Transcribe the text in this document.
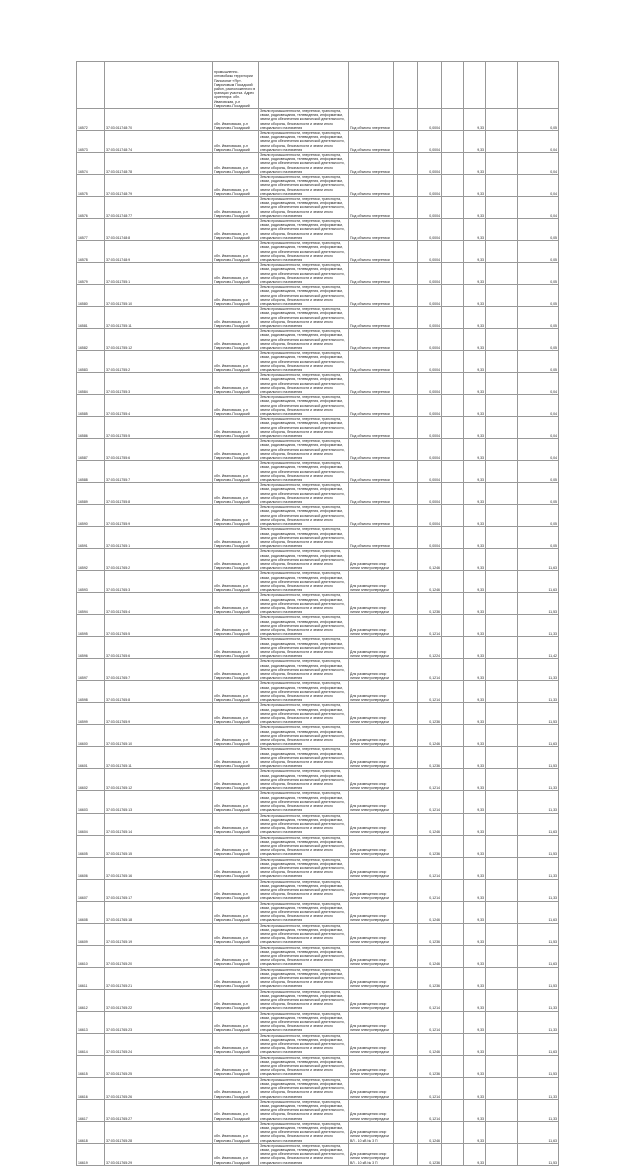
		промышленно-оптовобазы территории Пансионат «Яр». Гавриловым Посадский район, расположенного в границах участка. Адрес ориентира: обл. Ивановская, р-н Гаврилово-Посадский								
16572	37:03:011748:70	обл. Ивановская, р-н Гаврилово-Посадский	Земли промышленности, энергетики, транспорта, связи, радиовещания, телевидения, информатики, земли для обеспечения космической деятельности, земли обороны, безопасности и земли иного специального назначения	Под объекты энергетики		0,0004		9,33		0,05
16573	37:03:011748:74	обл. Ивановская, р-н Гаврилово-Посадский	Земли промышленности, энергетики, транспорта, связи, радиовещания, телевидения, информатики, земли для обеспечения космической деятельности, земли обороны, безопасности и земли иного специального назначения	Под объекты энергетики		0,0004		9,33		0,04
16574	37:03:011748:78	обл. Ивановская, р-н Гаврилово-Посадский	Земли промышленности, энергетики, транспорта, связи, радиовещания, телевидения, информатики, земли для обеспечения космической деятельности, земли обороны, безопасности и земли иного специального назначения	Под объекты энергетики		0,0004		9,33		0,04
16575	37:03:011748:79	обл. Ивановская, р-н Гаврилово-Посадский	Земли промышленности, энергетики, транспорта, связи, радиовещания, телевидения, информатики, земли для обеспечения космической деятельности, земли обороны, безопасности и земли иного специального назначения	Под объекты энергетики		0,0004		9,33		0,04
16576	37:03:011748:77	обл. Ивановская, р-н Гаврилово-Посадский	Земли промышленности, энергетики, транспорта, связи, радиовещания, телевидения, информатики, земли для обеспечения космической деятельности, земли обороны, безопасности и земли иного специального назначения	Под объекты энергетики		0,0004		9,33		0,04
16577	37:03:011748:8	обл. Ивановская, р-н Гаврилово-Посадский	Земли промышленности, энергетики, транспорта, связи, радиовещания, телевидения, информатики, земли для обеспечения космической деятельности, земли обороны, безопасности и земли иного специального назначения	Под объекты энергетики		0,0004		9,33		0,05
16578	37:03:011748:9	обл. Ивановская, р-н Гаврилово-Посадский	Земли промышленности, энергетики, транспорта, связи, радиовещания, телевидения, информатики, земли для обеспечения космической деятельности, земли обороны, безопасности и земли иного специального назначения	Под объекты энергетики		0,0004		9,33		0,05
16579	37:03:011755:1	обл. Ивановская, р-н Гаврилово-Посадский	Земли промышленности, энергетики, транспорта, связи, радиовещания, телевидения, информатики, земли для обеспечения космической деятельности, земли обороны, безопасности и земли иного специального назначения	Под объекты энергетики		0,0004		9,33		0,05
16580	37:03:011755:10	обл. Ивановская, р-н Гаврилово-Посадский	Земли промышленности, энергетики, транспорта, связи, радиовещания, телевидения, информатики, земли для обеспечения космической деятельности, земли обороны, безопасности и земли иного специального назначения	Под объекты энергетики		0,0004		9,33		0,05
16581	37:03:011755:11	обл. Ивановская, р-н Гаврилово-Посадский	Земли промышленности, энергетики, транспорта, связи, радиовещания, телевидения, информатики, земли для обеспечения космической деятельности, земли обороны, безопасности и земли иного специального назначения	Под объекты энергетики		0,0004		9,33		0,05
16582	37:03:011755:12	обл. Ивановская, р-н Гаврилово-Посадский	Земли промышленности, энергетики, транспорта, связи, радиовещания, телевидения, информатики, земли для обеспечения космической деятельности, земли обороны, безопасности и земли иного специального назначения	Под объекты энергетики		0,0004		9,33		0,05
16583	37:03:011755:2	обл. Ивановская, р-н Гаврилово-Посадский	Земли промышленности, энергетики, транспорта, связи, радиовещания, телевидения, информатики, земли для обеспечения космической деятельности, земли обороны, безопасности и земли иного специального назначения	Под объекты энергетики		0,0004		9,33		0,05
16584	37:03:011755:3	обл. Ивановская, р-н Гаврилово-Посадский	Земли промышленности, энергетики, транспорта, связи, радиовещания, телевидения, информатики, земли для обеспечения космической деятельности, земли обороны, безопасности и земли иного специального назначения	Под объекты энергетики		0,0004		9,33		0,04
16585	37:03:011755:4	обл. Ивановская, р-н Гаврилово-Посадский	Земли промышленности, энергетики, транспорта, связи, радиовещания, телевидения, информатики, земли для обеспечения космической деятельности, земли обороны, безопасности и земли иного специального назначения	Под объекты энергетики		0,0004		9,33		0,04
16586	37:03:011755:5	обл. Ивановская, р-н Гаврилово-Посадский	Земли промышленности, энергетики, транспорта, связи, радиовещания, телевидения, информатики, земли для обеспечения космической деятельности, земли обороны, безопасности и земли иного специального назначения	Под объекты энергетики		0,0004		9,33		0,04
16587	37:03:011755:6	обл. Ивановская, р-н Гаврилово-Посадский	Земли промышленности, энергетики, транспорта, связи, радиовещания, телевидения, информатики, земли для обеспечения космической деятельности, земли обороны, безопасности и земли иного специального назначения	Под объекты энергетики		0,0004		9,33		0,04
16588	37:03:011755:7	обл. Ивановская, р-н Гаврилово-Посадский	Земли промышленности, энергетики, транспорта, связи, радиовещания, телевидения, информатики, земли для обеспечения космической деятельности, земли обороны, безопасности и земли иного специального назначения	Под объекты энергетики		0,0004		9,33		0,05
16589	37:03:011755:8	обл. Ивановская, р-н Гаврилово-Посадский	Земли промышленности, энергетики, транспорта, связи, радиовещания, телевидения, информатики, земли для обеспечения космической деятельности, земли обороны, безопасности и земли иного специального назначения	Под объекты энергетики		0,0004		9,33		0,05
16590	37:03:011755:9	обл. Ивановская, р-н Гаврилово-Посадский	Земли промышленности, энергетики, транспорта, связи, радиовещания, телевидения, информатики, земли для обеспечения космической деятельности, земли обороны, безопасности и земли иного специального назначения	Под объекты энергетики		0,0004		9,33		0,05
16591	37:03:011765:1	обл. Ивановская, р-н Гаврилово-Посадский	Земли промышленности, энергетики, транспорта, связи, радиовещания, телевидения, информатики, земли для обеспечения космической деятельности, земли обороны, безопасности и земли иного специального назначения	Под объекты энергетики		0,0004		9,33		0,05
16592	37:03:011765:2	обл. Ивановская, р-н Гаврилово-Посадский	Земли промышленности, энергетики, транспорта, связи, радиовещания, телевидения, информатики, земли для обеспечения космической деятельности, земли обороны, безопасности и земли иного специального назначения	Для размещения опор линии электропередачи		0,1246		9,33		11,63
16593	37:03:011765:3	обл. Ивановская, р-н Гаврилово-Посадский	Земли промышленности, энергетики, транспорта, связи, радиовещания, телевидения, информатики, земли для обеспечения космической деятельности, земли обороны, безопасности и земли иного специального назначения	Для размещения опор линии электропередачи		0,1246		9,33		11,63
16594	37:03:011765:4	обл. Ивановская, р-н Гаврилово-Посадский	Земли промышленности, энергетики, транспорта, связи, радиовещания, телевидения, информатики, земли для обеспечения космической деятельности, земли обороны, безопасности и земли иного специального назначения	Для размещения опор линии электропередачи		0,1236		9,33		11,53
16595	37:03:011765:5	обл. Ивановская, р-н Гаврилово-Посадский	Земли промышленности, энергетики, транспорта, связи, радиовещания, телевидения, информатики, земли для обеспечения космической деятельности, земли обороны, безопасности и земли иного специального назначения	Для размещения опор линии электропередачи		0,1214		9,33		11,33
16596	37:03:011765:6	обл. Ивановская, р-н Гаврилово-Посадский	Земли промышленности, энергетики, транспорта, связи, радиовещания, телевидения, информатики, земли для обеспечения космической деятельности, земли обороны, безопасности и земли иного специального назначения	Для размещения опор линии электропередачи		0,1224		9,33		11,42
16597	37:03:011765:7	обл. Ивановская, р-н Гаврилово-Посадский	Земли промышленности, энергетики, транспорта, связи, радиовещания, телевидения, информатики, земли для обеспечения космической деятельности, земли обороны, безопасности и земли иного специального назначения	Для размещения опор линии электропередачи		0,1214		9,33		11,33
16598	37:03:011765:8	обл. Ивановская, р-н Гаврилово-Посадский	Земли промышленности, энергетики, транспорта, связи, радиовещания, телевидения, информатики, земли для обеспечения космической деятельности, земли обороны, безопасности и земли иного специального назначения	Для размещения опор линии электропередачи		0,1214		9,33		11,33
16599	37:03:011765:9	обл. Ивановская, р-н Гаврилово-Посадский	Земли промышленности, энергетики, транспорта, связи, радиовещания, телевидения, информатики, земли для обеспечения космической деятельности, земли обороны, безопасности и земли иного специального назначения	Для размещения опор линии электропередачи		0,1236		9,33		11,53
16600	37:03:011765:10	обл. Ивановская, р-н Гаврилово-Посадский	Земли промышленности, энергетики, транспорта, связи, радиовещания, телевидения, информатики, земли для обеспечения космической деятельности, земли обороны, безопасности и земли иного специального назначения	Для размещения опор линии электропередачи		0,1246		9,33		11,63
16601	37:03:011765:11	обл. Ивановская, р-н Гаврилово-Посадский	Земли промышленности, энергетики, транспорта, связи, радиовещания, телевидения, информатики, земли для обеспечения космической деятельности, земли обороны, безопасности и земли иного специального назначения	Для размещения опор линии электропередачи		0,1236		9,33		11,53
16602	37:03:011765:12	обл. Ивановская, р-н Гаврилово-Посадский	Земли промышленности, энергетики, транспорта, связи, радиовещания, телевидения, информатики, земли для обеспечения космической деятельности, земли обороны, безопасности и земли иного специального назначения	Для размещения опор линии электропередачи		0,1214		9,33		11,33
16603	37:03:011765:13	обл. Ивановская, р-н Гаврилово-Посадский	Земли промышленности, энергетики, транспорта, связи, радиовещания, телевидения, информатики, земли для обеспечения космической деятельности, земли обороны, безопасности и земли иного специального назначения	Для размещения опор линии электропередачи		0,1214		9,33		11,33
16604	37:03:011765:14	обл. Ивановская, р-н Гаврилово-Посадский	Земли промышленности, энергетики, транспорта, связи, радиовещания, телевидения, информатики, земли для обеспечения космической деятельности, земли обороны, безопасности и земли иного специального назначения	Для размещения опор линии электропередачи		0,1246		9,33		11,63
16605	37:03:011765:15	обл. Ивановская, р-н Гаврилово-Посадский	Земли промышленности, энергетики, транспорта, связи, радиовещания, телевидения, информатики, земли для обеспечения космической деятельности, земли обороны, безопасности и земли иного специального назначения	Для размещения опор линии электропередачи		0,1236		9,33		11,53
16606	37:03:011765:16	обл. Ивановская, р-н Гаврилово-Посадский	Земли промышленности, энергетики, транспорта, связи, радиовещания, телевидения, информатики, земли для обеспечения космической деятельности, земли обороны, безопасности и земли иного специального назначения	Для размещения опор линии электропередачи		0,1214		9,33		11,33
16607	37:03:011765:17	обл. Ивановская, р-н Гаврилово-Посадский	Земли промышленности, энергетики, транспорта, связи, радиовещания, телевидения, информатики, земли для обеспечения космической деятельности, земли обороны, безопасности и земли иного специального назначения	Для размещения опор линии электропередачи		0,1214		9,33		11,33
16608	37:03:011765:18	обл. Ивановская, р-н Гаврилово-Посадский	Земли промышленности, энергетики, транспорта, связи, радиовещания, телевидения, информатики, земли для обеспечения космической деятельности, земли обороны, безопасности и земли иного специального назначения	Для размещения опор линии электропередачи		0,1246		9,33		11,63
16609	37:03:011765:19	обл. Ивановская, р-н Гаврилово-Посадский	Земли промышленности, энергетики, транспорта, связи, радиовещания, телевидения, информатики, земли для обеспечения космической деятельности, земли обороны, безопасности и земли иного специального назначения	Для размещения опор линии электропередачи		0,1236		9,33		11,53
16610	37:03:011765:20	обл. Ивановская, р-н Гаврилово-Посадский	Земли промышленности, энергетики, транспорта, связи, радиовещания, телевидения, информатики, земли для обеспечения космической деятельности, земли обороны, безопасности и земли иного специального назначения	Для размещения опор линии электропередачи		0,1246		9,33		11,63
16611	37:03:011765:21	обл. Ивановская, р-н Гаврилово-Посадский	Земли промышленности, энергетики, транспорта, связи, радиовещания, телевидения, информатики, земли для обеспечения космической деятельности, земли обороны, безопасности и земли иного специального назначения	Для размещения опор линии электропередачи		0,1236		9,33		11,53
16612	37:03:011765:22	обл. Ивановская, р-н Гаврилово-Посадский	Земли промышленности, энергетики, транспорта, связи, радиовещания, телевидения, информатики, земли для обеспечения космической деятельности, земли обороны, безопасности и земли иного специального назначения	Для размещения опор линии электропередачи		0,1214		9,33		11,33
16613	37:03:011765:23	обл. Ивановская, р-н Гаврилово-Посадский	Земли промышленности, энергетики, транспорта, связи, радиовещания, телевидения, информатики, земли для обеспечения космической деятельности, земли обороны, безопасности и земли иного специального назначения	Для размещения опор линии электропередачи		0,1214		9,33		11,33
16614	37:03:011765:24	обл. Ивановская, р-н Гаврилово-Посадский	Земли промышленности, энергетики, транспорта, связи, радиовещания, телевидения, информатики, земли для обеспечения космической деятельности, земли обороны, безопасности и земли иного специального назначения	Для размещения опор линии электропередачи		0,1246		9,33		11,63
16615	37:03:011765:25	обл. Ивановская, р-н Гаврилово-Посадский	Земли промышленности, энергетики, транспорта, связи, радиовещания, телевидения, информатики, земли для обеспечения космической деятельности, земли обороны, безопасности и земли иного специального назначения	Для размещения опор линии электропередачи		0,1236		9,33		11,53
16616	37:03:011765:26	обл. Ивановская, р-н Гаврилово-Посадский	Земли промышленности, энергетики, транспорта, связи, радиовещания, телевидения, информатики, земли для обеспечения космической деятельности, земли обороны, безопасности и земли иного специального назначения	Для размещения опор линии электропередачи		0,1214		9,33		11,33
16617	37:03:011765:27	обл. Ивановская, р-н Гаврилово-Посадский	Земли промышленности, энергетики, транспорта, связи, радиовещания, телевидения, информатики, земли для обеспечения космической деятельности, земли обороны, безопасности и земли иного специального назначения	Для размещения опор линии электропередачи		0,1214		9,33		11,33
16618	37:03:011765:28	обл. Ивановская, р-н Гаврилово-Посадский	Земли промышленности, энергетики, транспорта, связи, радиовещания, телевидения, информатики, земли для обеспечения космической деятельности, земли обороны, безопасности и земли иного специального назначения	Для размещения опор линии электропередачи ВЛ - 10 кВ № 3 П		0,1246		9,33		11,63
16619	37:03:011765:29	обл. Ивановская, р-н Гаврилово-Посадский	Земли промышленности, энергетики, транспорта, связи, радиовещания, телевидения, информатики, земли для обеспечения космической деятельности, земли обороны, безопасности и земли иного специального назначения	Для размещения опор линии электропередачи ВЛ - 10 кВ № 3 П		0,1236		9,33		11,53
